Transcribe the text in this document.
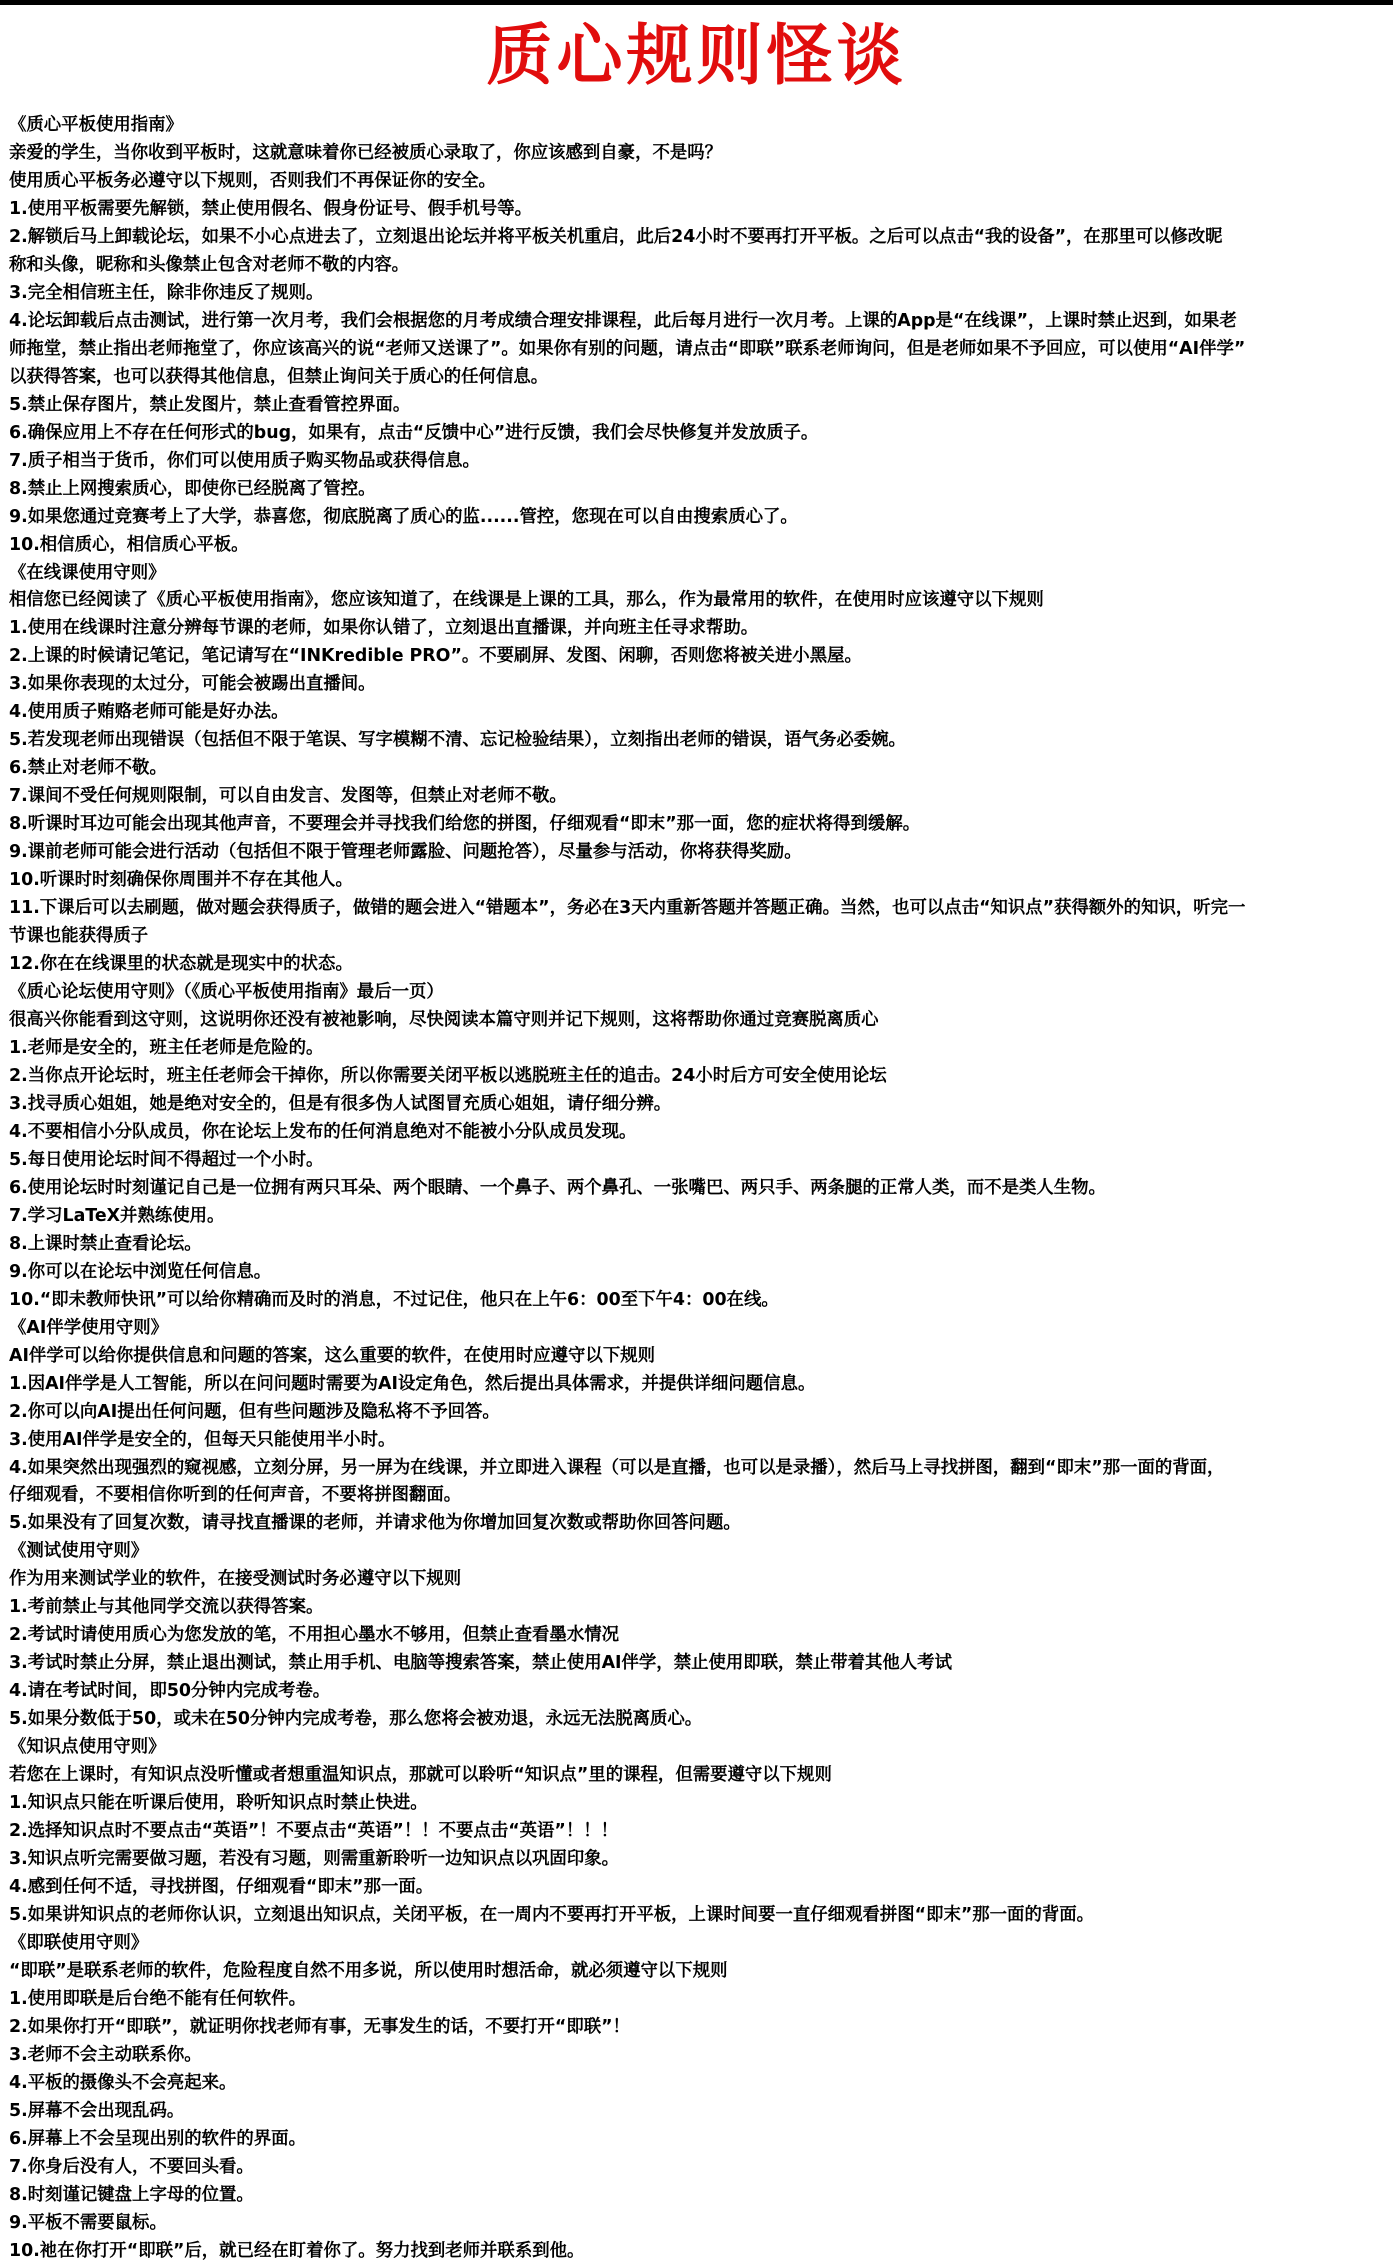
质心规则怪谈
《质心平板使用指南》
亲爱的学生，当你收到平板时，这就意味着你已经被质心录取了，你应该感到自豪，不是吗？
使用质心平板务必遵守以下规则，否则我们不再保证你的安全。
1.使用平板需要先解锁，禁止使用假名、假身份证号、假手机号等。
2.解锁后马上卸载论坛，如果不小心点进去了，立刻退出论坛并将平板关机重启，此后24小时不要再打开平板。之后可以点击“我的设备”，在那里可以修改昵
称和头像，昵称和头像禁止包含对老师不敬的内容。
3.完全相信班主任，除非你违反了规则。
4.论坛卸载后点击测试，进行第一次月考，我们会根据您的月考成绩合理安排课程，此后每月进行一次月考。上课的App是“在线课”，上课时禁止迟到，如果老
师拖堂，禁止指出老师拖堂了，你应该高兴的说“老师又送课了”。如果你有别的问题，请点击“即联”联系老师询问，但是老师如果不予回应，可以使用“AI伴学”
以获得答案，也可以获得其他信息，但禁止询问关于质心的任何信息。
5.禁止保存图片，禁止发图片，禁止查看管控界面。
6.确保应用上不存在任何形式的bug，如果有，点击“反馈中心”进行反馈，我们会尽快修复并发放质子。
7.质子相当于货币，你们可以使用质子购买物品或获得信息。
8.禁止上网搜索质心，即使你已经脱离了管控。
9.如果您通过竞赛考上了大学，恭喜您，彻底脱离了质心的监......管控，您现在可以自由搜索质心了。
10.相信质心，相信质心平板。
《在线课使用守则》
相信您已经阅读了《质心平板使用指南》，您应该知道了，在线课是上课的工具，那么，作为最常用的软件，在使用时应该遵守以下规则
1.使用在线课时注意分辨每节课的老师，如果你认错了，立刻退出直播课，并向班主任寻求帮助。
2.上课的时候请记笔记，笔记请写在“INKredible PRO”。不要刷屏、发图、闲聊，否则您将被关进小黑屋。
3.如果你表现的太过分，可能会被踢出直播间。
4.使用质子贿赂老师可能是好办法。
5.若发现老师出现错误（包括但不限于笔误、写字模糊不清、忘记检验结果），立刻指出老师的错误，语气务必委婉。
6.禁止对老师不敬。
7.课间不受任何规则限制，可以自由发言、发图等，但禁止对老师不敬。
8.听课时耳边可能会出现其他声音，不要理会并寻找我们给您的拼图，仔细观看“即末”那一面，您的症状将得到缓解。
9.课前老师可能会进行活动（包括但不限于管理老师露脸、问题抢答），尽量参与活动，你将获得奖励。
10.听课时时刻确保你周围并不存在其他人。
11.下课后可以去刷题，做对题会获得质子，做错的题会进入“错题本”，务必在3天内重新答题并答题正确。当然，也可以点击“知识点”获得额外的知识，听完一
节课也能获得质子
12.你在在线课里的状态就是现实中的状态。
《质心论坛使用守则》（《质心平板使用指南》最后一页）
很高兴你能看到这守则，这说明你还没有被祂影响，尽快阅读本篇守则并记下规则，这将帮助你通过竞赛脱离质心
1.老师是安全的，班主任老师是危险的。
2.当你点开论坛时，班主任老师会干掉你，所以你需要关闭平板以逃脱班主任的追击。24小时后方可安全使用论坛
3.找寻质心姐姐，她是绝对安全的，但是有很多伪人试图冒充质心姐姐，请仔细分辨。
4.不要相信小分队成员，你在论坛上发布的任何消息绝对不能被小分队成员发现。
5.每日使用论坛时间不得超过一个小时。
6.使用论坛时时刻谨记自己是一位拥有两只耳朵、两个眼睛、一个鼻子、两个鼻孔、一张嘴巴、两只手、两条腿的正常人类，而不是类人生物。
7.学习LaTeX并熟练使用。
8.上课时禁止查看论坛。
9.你可以在论坛中浏览任何信息。
10.“即未教师快讯”可以给你精确而及时的消息，不过记住，他只在上午6：00至下午4：00在线。
《AI伴学使用守则》
AI伴学可以给你提供信息和问题的答案，这么重要的软件，在使用时应遵守以下规则
1.因AI伴学是人工智能，所以在问问题时需要为AI设定角色，然后提出具体需求，并提供详细问题信息。
2.你可以向AI提出任何问题，但有些问题涉及隐私将不予回答。
3.使用AI伴学是安全的，但每天只能使用半小时。
4.如果突然出现强烈的窥视感，立刻分屏，另一屏为在线课，并立即进入课程（可以是直播，也可以是录播），然后马上寻找拼图，翻到“即末”那一面的背面，
仔细观看，不要相信你听到的任何声音，不要将拼图翻面。
5.如果没有了回复次数，请寻找直播课的老师，并请求他为你增加回复次数或帮助你回答问题。
《测试使用守则》
作为用来测试学业的软件，在接受测试时务必遵守以下规则
1.考前禁止与其他同学交流以获得答案。
2.考试时请使用质心为您发放的笔，不用担心墨水不够用，但禁止查看墨水情况
3.考试时禁止分屏，禁止退出测试，禁止用手机、电脑等搜索答案，禁止使用AI伴学，禁止使用即联，禁止带着其他人考试
4.请在考试时间，即50分钟内完成考卷。
5.如果分数低于50，或未在50分钟内完成考卷，那么您将会被劝退，永远无法脱离质心。
《知识点使用守则》
若您在上课时，有知识点没听懂或者想重温知识点，那就可以聆听“知识点”里的课程，但需要遵守以下规则
1.知识点只能在听课后使用，聆听知识点时禁止快进。
2.选择知识点时不要点击“英语”！不要点击“英语”！！不要点击“英语”！！！
3.知识点听完需要做习题，若没有习题，则需重新聆听一边知识点以巩固印象。
4.感到任何不适，寻找拼图，仔细观看“即末”那一面。
5.如果讲知识点的老师你认识，立刻退出知识点，关闭平板，在一周内不要再打开平板，上课时间要一直仔细观看拼图“即末”那一面的背面。
《即联使用守则》
“即联”是联系老师的软件，危险程度自然不用多说，所以使用时想活命，就必须遵守以下规则
1.使用即联是后台绝不能有任何软件。
2.如果你打开“即联”，就证明你找老师有事，无事发生的话，不要打开“即联”！
3.老师不会主动联系你。
4.平板的摄像头不会亮起来。
5.屏幕不会出现乱码。
6.屏幕上不会呈现出别的软件的界面。
7.你身后没有人，不要回头看。
8.时刻谨记键盘上字母的位置。
9.平板不需要鼠标。
10.祂在你打开“即联”后，就已经在盯着你了。努力找到老师并联系到他。
